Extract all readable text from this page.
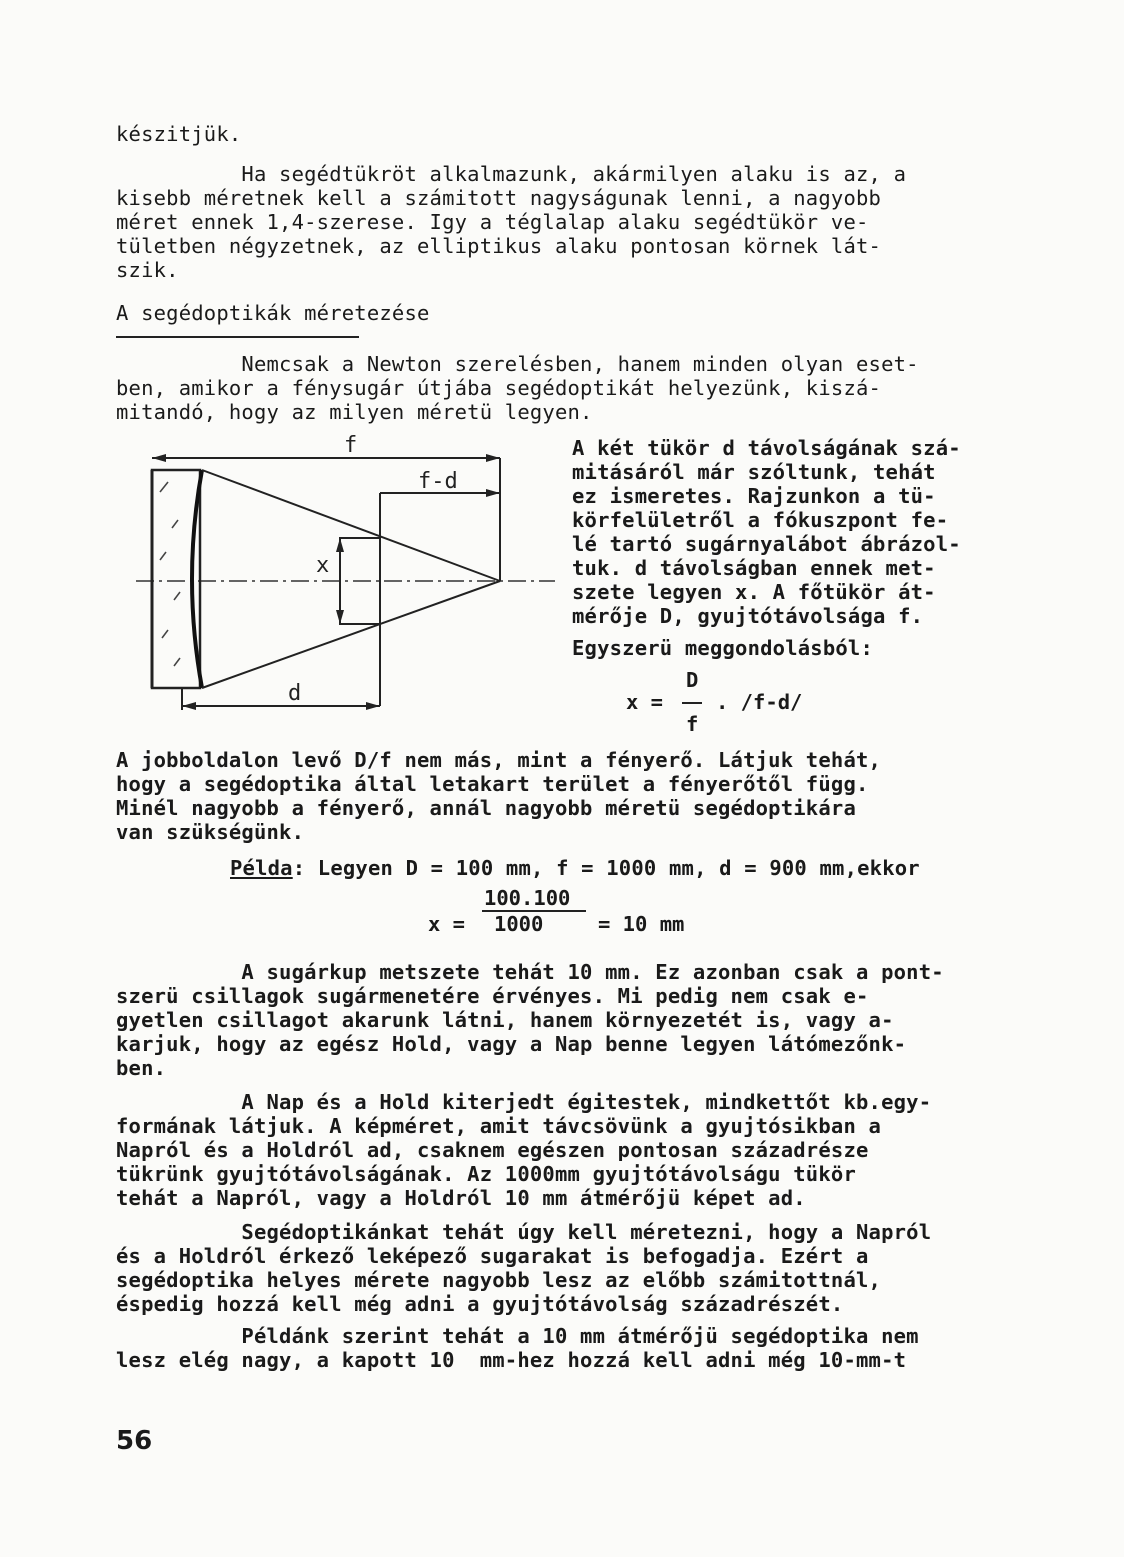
készitjük.
Ha segédtükröt alkalmazunk, akármilyen alaku is az, a
kisebb méretnek kell a számitott nagyságunak lenni, a nagyobb
méret ennek 1,4-szerese. Igy a téglalap alaku segédtükör ve-
tületben négyzetnek, az elliptikus alaku pontosan körnek lát-
szik.
A segédoptikák méretezése
Nemcsak a Newton szerelésben, hanem minden olyan eset-
ben, amikor a fénysugár útjába segédoptikát helyezünk, kiszá-
mitandó, hogy az milyen méretü legyen.
f
f-d
x
d
A két tükör d távolságának szá-
mitásáról már szóltunk, tehát
ez ismeretes. Rajzunkon a tü-
körfelületről a fókuszpont fe-
lé tartó sugárnyalábot ábrázol-
tuk. d távolságban ennek met-
szete legyen x. A főtükör át-
mérője D, gyujtótávolsága f.
Egyszerü meggondolásból:
D
x = . /f-d/
f
A jobboldalon levő D/f nem más, mint a fényerő. Látjuk tehát,
hogy a segédoptika által letakart terület a fényerőtől függ.
Minél nagyobb a fényerő, annál nagyobb méretü segédoptikára
van szükségünk.
Példa: Legyen D = 100 mm, f = 1000 mm, d = 900 mm,ekkor
100.100
x = 1000	= 10 mm
A sugárkup metszete tehát 10 mm. Ez azonban csak a pont-
szerü csillagok sugármenetére érvényes. Mi pedig nem csak e-
gyetlen csillagot akarunk látni, hanem környezetét is, vagy a-
karjuk, hogy az egész Hold, vagy a Nap benne legyen látómezőnk-
ben.
A Nap és a Hold kiterjedt égitestek, mindkettőt kb.egy-
formának látjuk. A képméret, amit távcsövünk a gyujtósikban a
Napról és a Holdról ad, csaknem egészen pontosan századrésze
tükrünk gyujtótávolságának. Az 1000mm gyujtótávolságu tükör
tehát a Napról, vagy a Holdról 10 mm átmérőjü képet ad.
Segédoptikánkat tehát úgy kell méretezni, hogy a Napról
és a Holdról érkező leképező sugarakat is befogadja. Ezért a
segédoptika helyes mérete nagyobb lesz az előbb számitottnál,
éspedig hozzá kell még adni a gyujtótávolság századrészét.
Példánk szerint tehát a 10 mm átmérőjü segédoptika nem
lesz elég nagy, a kapott 10  mm-hez hozzá kell adni még 10-mm-t
56
